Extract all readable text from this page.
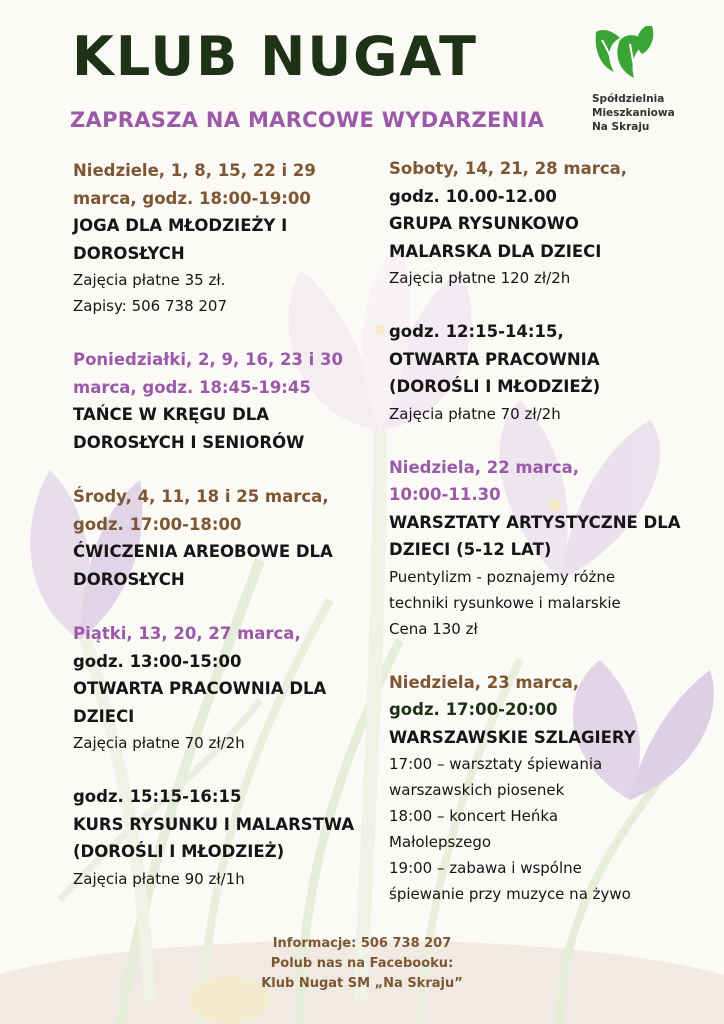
KLUB NUGAT
ZAPRASZA NA MARCOWE WYDARZENIA
Spółdzielnia
Mieszkaniowa
Na Skraju
Niedziele, 1, 8, 15, 22 i 29
marca, godz. 18:00-19:00
JOGA DLA MŁODZIEŻY I
DOROSŁYCH
Zajęcia płatne 35 zł.
Zapisy: 506 738 207
Poniedziałki, 2, 9, 16, 23 i 30
marca, godz. 18:45-19:45
TAŃCE W KRĘGU DLA
DOROSŁYCH I SENIORÓW
Środy, 4, 11, 18 i 25 marca,
godz. 17:00-18:00
ĆWICZENIA AREOBOWE DLA
DOROSŁYCH
Piątki, 13, 20, 27 marca,
godz. 13:00-15:00
OTWARTA PRACOWNIA DLA
DZIECI
Zajęcia płatne 70 zł/2h
godz. 15:15-16:15
KURS RYSUNKU I MALARSTWA
(DOROŚLI I MŁODZIEŻ)
Zajęcia płatne 90 zł/1h
Soboty, 14, 21, 28 marca,
godz. 10.00-12.00
GRUPA RYSUNKOWO
MALARSKA DLA DZIECI
Zajęcia płatne 120 zł/2h
godz. 12:15-14:15,
OTWARTA PRACOWNIA
(DOROŚLI I MŁODZIEŻ)
Zajęcia płatne 70 zł/2h
Niedziela, 22 marca,
10:00-11.30
WARSZTATY ARTYSTYCZNE DLA
DZIECI (5-12 LAT)
Puentylizm - poznajemy różne
techniki rysunkowe i malarskie
Cena 130 zł
Niedziela, 23 marca,
godz. 17:00-20:00
WARSZAWSKIE SZLAGIERY
17:00 – warsztaty śpiewania
warszawskich piosenek
18:00 – koncert Heńka
Małolepszego
19:00 – zabawa i wspólne
śpiewanie przy muzyce na żywo
Informacje: 506 738 207
Polub nas na Facebooku:
Klub Nugat SM „Na Skraju”
